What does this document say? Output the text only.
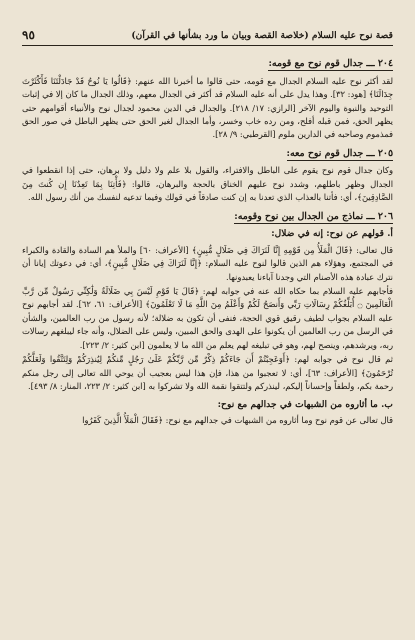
قصة نوح عليه السلام (خلاصة القصة وبيان ما ورد بشأنها في القرآن)
٩٥
٢٠٤ ـــ جدال قوم نوح مع قومه:

لقد أكثر نوح عليه السلام الجدال مع قومه، حتى قالوا ما أخبرنا الله عنهم: ﴿قَالُوا يَا نُوحُ قَدْ جَادَلْتَنَا فَأَكْثَرْتَ جِدَالَنَا﴾ [هود: ٣٢]. وهذا يدل على أنه عليه السلام قد أكثر في الجدال معهم، وذلك الجدال ما كان إلا في إثبات التوحيد والنبوة واليوم الآخر [الرازي: ١٧/ ٢١٨]. والجدال في الدين محمود لجدال نوح والأنبياء أقوامهم حتى يظهر الحق، فمن قبله أفلح، ومن رده خاب وخسر، وأما الجدال لغير الحق حتى يظهر الباطل في صور الحق فمذموم وصاحبه في الدارين ملوم [القرطبي: ٩/ ٢٨].

٢٠٥ ـــ جدال قوم نوح معه:

وكان جدال قوم نوح يقوم على الباطل والافتراء، والقول بلا علم ولا دليل ولا برهان، حتى إذا انقطعوا في الجدال وظهر باطلهم، وشدد نوح عليهم الخناق بالحجة والبرهان، قالوا: ﴿فَأْتِنَا بِمَا تَعِدُنَا إِن كُنتَ مِنَ الصَّادِقِينَ﴾، أي: فأتنا بالعذاب الذي تعدنا به إن كنت صادقاً في قولك وفيما تدعيه لنفسك من أنك رسول الله.

٢٠٦ ـــ نماذج من الجدال بين نوح وقومه:
أ. قولهم عن نوح: إنه في ضلال:

قال تعالى: ﴿قَالَ الْمَلَأُ مِن قَوْمِهِ إِنَّا لَنَرَاكَ فِي ضَلَالٍ مُّبِينٍ﴾ [الأعراف: ٦٠] والملأ هم السادة والقادة والكبراء في المجتمع، وهؤلاء هم الذين قالوا لنوح عليه السلام: ﴿إِنَّا لَنَرَاكَ فِي ضَلَالٍ مُّبِينٍ﴾، أي: في دعوتك إيانا أن نترك عبادة هذه الأصنام التي وجدنا آباءنا يعبدونها.

فأجابهم عليه السلام بما حكاه الله عنه في جوابه لهم: ﴿قَالَ يَا قَوْمِ لَيْسَ بِي ضَلَالَةٌ وَلَٰكِنِّي رَسُولٌ مِّن رَّبِّ الْعَالَمِينَ ۝ أُبَلِّغُكُمْ رِسَالَاتِ رَبِّي وَأَنصَحُ لَكُمْ وَأَعْلَمُ مِنَ اللَّهِ مَا لَا تَعْلَمُونَ﴾ [الأعراف: ٦١، ٦٢]. لقد أجابهم نوح عليه السلام بجواب لطيف رقيق قوي الحجة، فنفى أن تكون به ضلالة؛ لأنه رسول من رب العالمين، والشأن في الرسل من رب العالمين أن يكونوا على الهدى والحق المبين، وليس على الضلال، وأنه جاء ليبلغهم رسالات ربه، ويرشدهم، وينصح لهم، وهو في تبليغه لهم يعلم من الله ما لا يعلمون [ابن كثير: ٢/ ٢٢٣].

ثم قال نوح في جوابه لهم: ﴿أَوَعَجِبْتُمْ أَن جَاءَكُمْ ذِكْرٌ مِّن رَّبِّكُمْ عَلَىٰ رَجُلٍ مِّنكُمْ لِيُنذِرَكُمْ وَلِتَتَّقُوا وَلَعَلَّكُمْ تُرْحَمُونَ﴾ [الأعراف: ٦٣]، أي: لا تعجبوا من هذا، فإن هذا ليس بعجيب أن يوحي الله تعالى إلى رجل منكم رحمة بكم، ولطفاً وإحساناً إليكم، لينذركم ولتتقوا نقمة الله ولا تشركوا به [ابن كثير: ٢/ ٢٢٣، المنار: ٨/ ٤٩٣].

ب. ما أثاروه من الشبهات في جدالهم مع نوح:

قال تعالى عن قوم نوح وما أثاروه من الشبهات في جدالهم مع نوح: ﴿فَقَالَ الْمَلَأُ الَّذِينَ كَفَرُوا
